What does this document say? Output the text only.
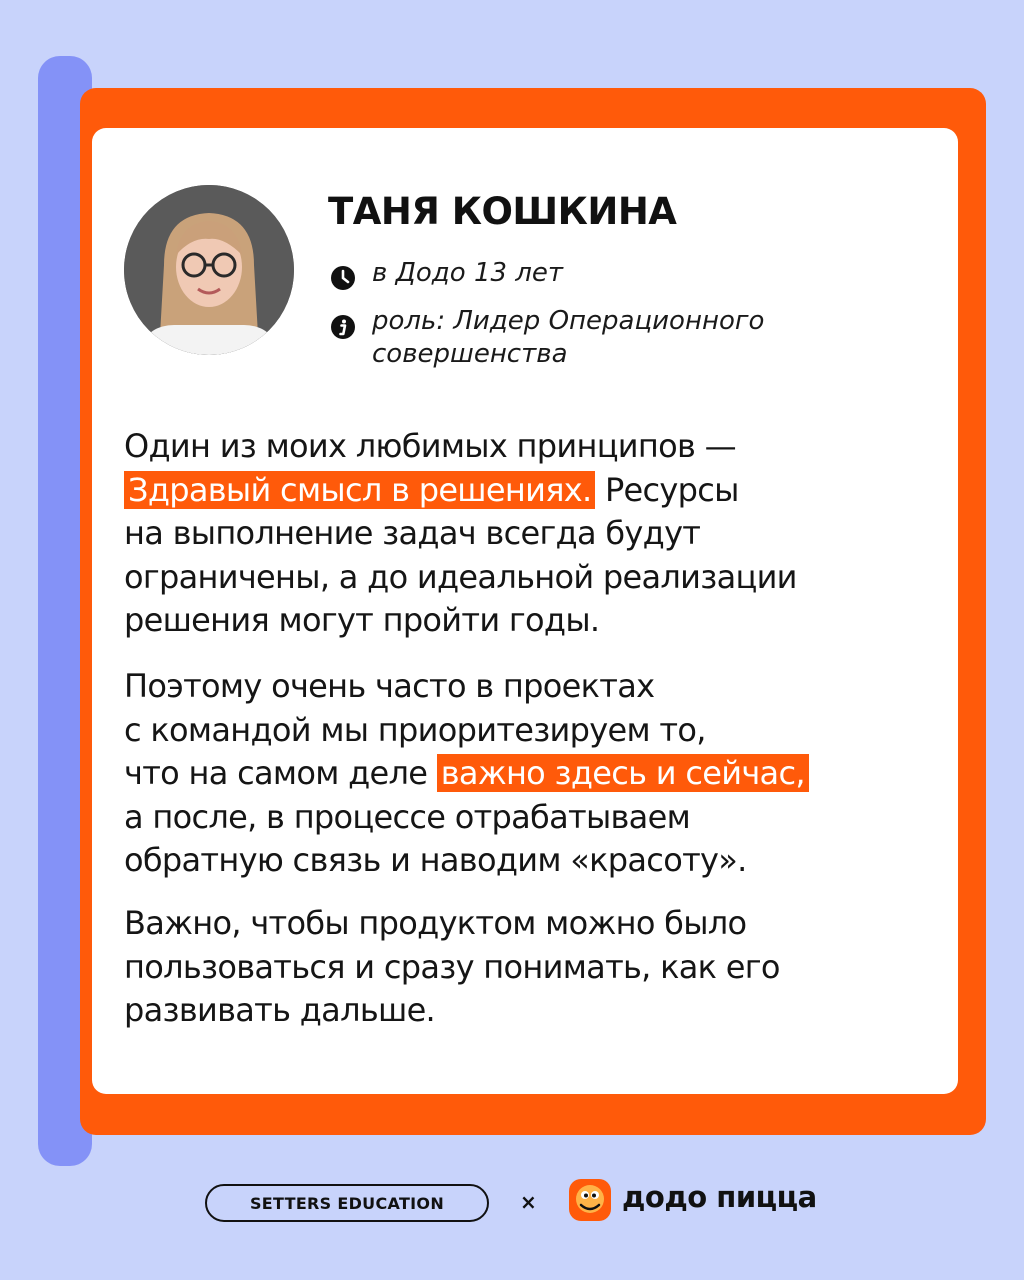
ТАНЯ КОШКИНА
в Додо 13 лет
роль: Лидер Операционного
совершенства
Один из моих любимых принципов —
Здравый смысл в решениях. Ресурсы
на выполнение задач всегда будут
ограничены, а до идеальной реализации
решения могут пройти годы.
Поэтому очень часто в проектах
с командой мы приоритезируем то,
что на самом деле важно здесь и сейчас,
а после, в процессе отрабатываем
обратную связь и наводим «красоту».
Важно, чтобы продуктом можно было
пользоваться и сразу понимать, как его
развивать дальше.
SETTERS EDUCATION	×	додо пицца
